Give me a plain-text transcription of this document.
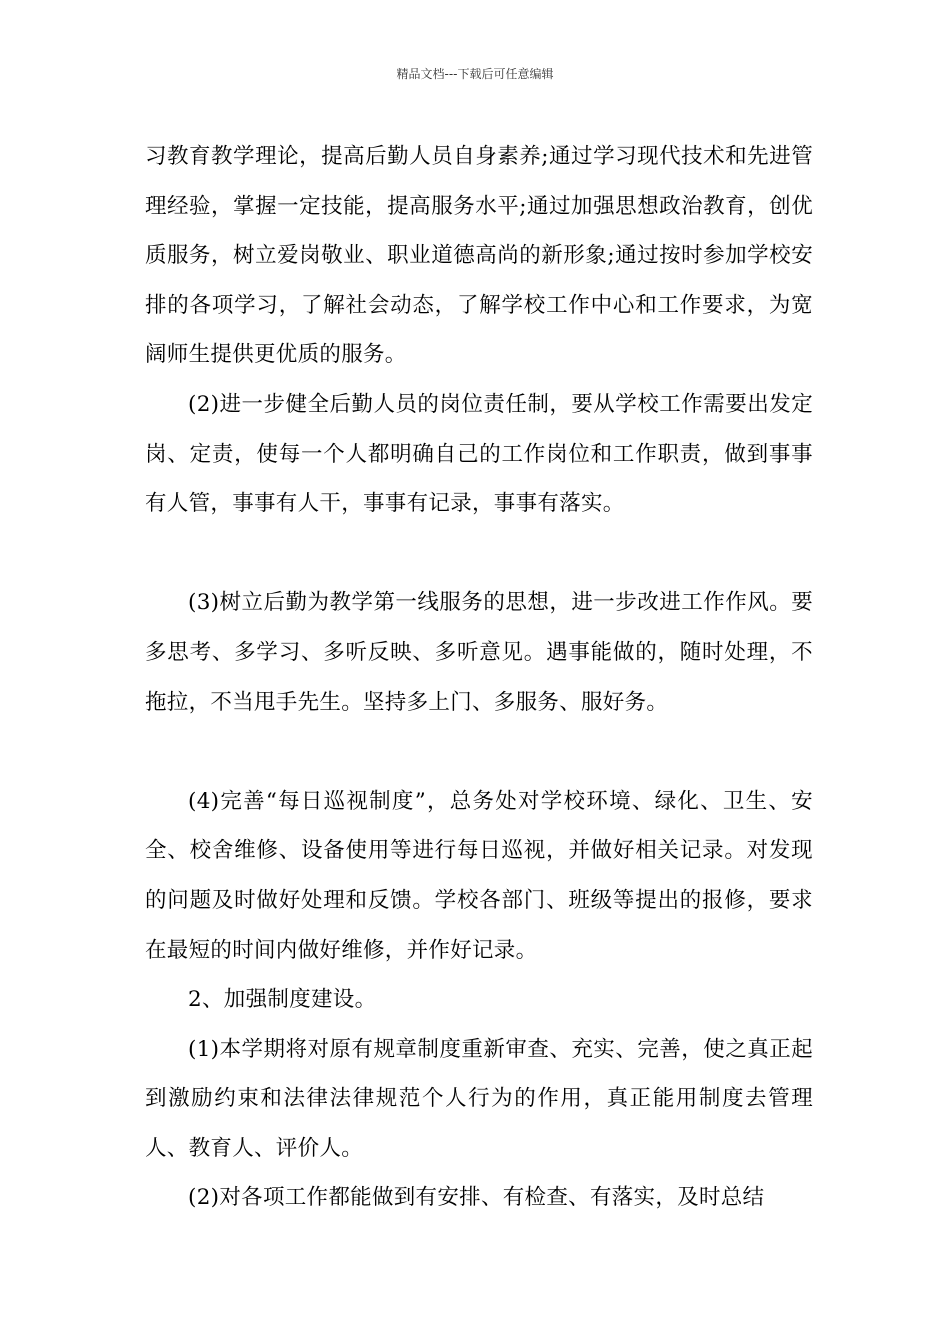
精品文档---下载后可任意编辑

习教育教学理论，提高后勤人员自身素养;通过学习现代技术和先进管理经验，掌握一定技能，提高服务水平;通过加强思想政治教育，创优质服务，树立爱岗敬业、职业道德高尚的新形象;通过按时参加学校安排的各项学习，了解社会动态，了解学校工作中心和工作要求，为宽阔师生提供更优质的服务。

(2)进一步健全后勤人员的岗位责任制，要从学校工作需要出发定岗、定责，使每一个人都明确自己的工作岗位和工作职责，做到事事有人管，事事有人干，事事有记录，事事有落实。

(3)树立后勤为教学第一线服务的思想，进一步改进工作作风。要多思考、多学习、多听反映、多听意见。遇事能做的，随时处理，不拖拉，不当甩手先生。坚持多上门、多服务、服好务。

(4)完善“每日巡视制度”，总务处对学校环境、绿化、卫生、安全、校舍维修、设备使用等进行每日巡视，并做好相关记录。对发现的问题及时做好处理和反馈。学校各部门、班级等提出的报修，要求在最短的时间内做好维修，并作好记录。

2、加强制度建设。

(1)本学期将对原有规章制度重新审查、充实、完善，使之真正起到激励约束和法律法律规范个人行为的作用，真正能用制度去管理人、教育人、评价人。

(2)对各项工作都能做到有安排、有检查、有落实，及时总结
